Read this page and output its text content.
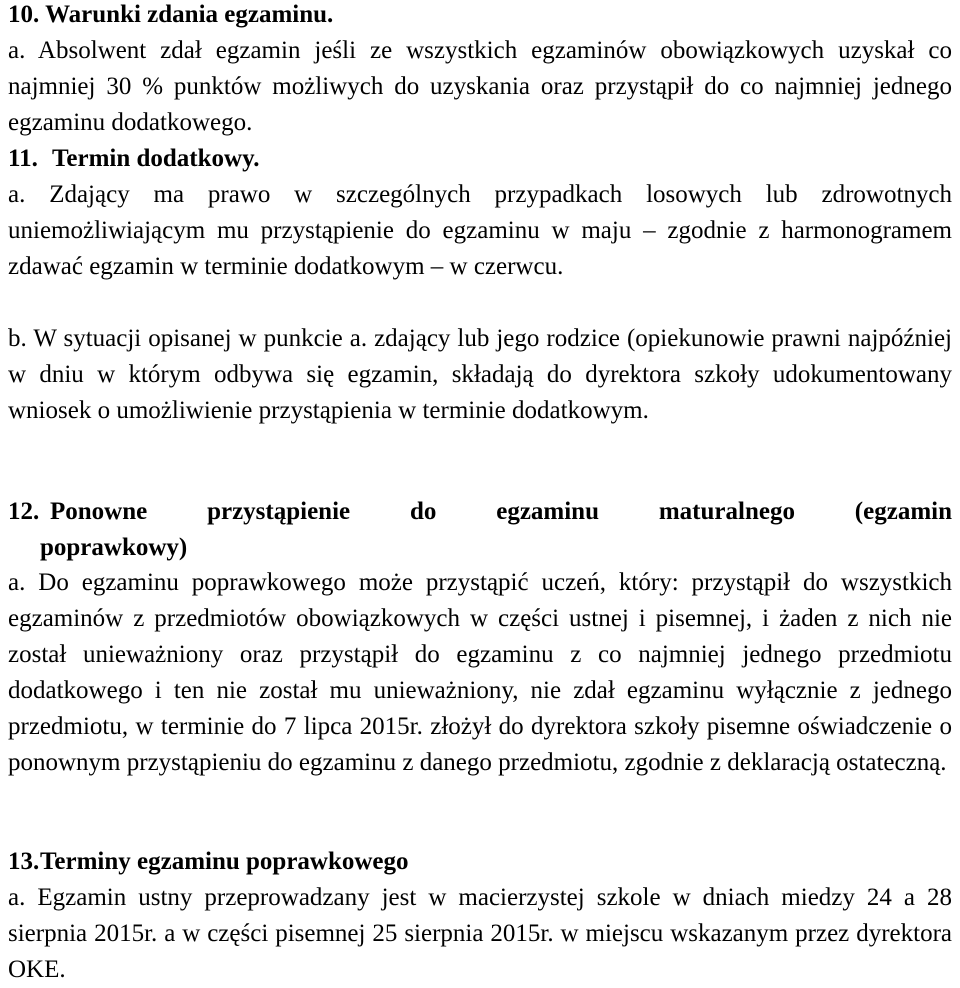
10. Warunki zdania egzaminu.
a. Absolwent zdał egzamin jeśli ze wszystkich egzaminów obowiązkowych uzyskał co najmniej 30 % punktów możliwych do uzyskania oraz przystąpił do co najmniej jednego egzaminu dodatkowego.
11. Termin dodatkowy.
a. Zdający ma prawo w szczególnych przypadkach losowych lub zdrowotnych uniemożliwiającym mu przystąpienie do egzaminu w maju – zgodnie z harmonogramem zdawać egzamin w terminie dodatkowym – w czerwcu.
b. W sytuacji opisanej w punkcie a. zdający lub jego rodzice (opiekunowie prawni najpóźniej w dniu w którym odbywa się egzamin, składają do dyrektora szkoły udokumentowany wniosek o umożliwienie przystąpienia w terminie dodatkowym.
12. Ponowne przystąpienie do egzaminu maturalnego (egzamin
poprawkowy)
a. Do egzaminu poprawkowego może przystąpić uczeń, który: przystąpił do wszystkich egzaminów z przedmiotów obowiązkowych w części ustnej i pisemnej, i żaden z nich nie został unieważniony oraz przystąpił do egzaminu z co najmniej jednego przedmiotu dodatkowego i ten nie został mu unieważniony, nie zdał egzaminu wyłącznie z jednego przedmiotu, w terminie do 7 lipca 2015r. złożył do dyrektora szkoły pisemne oświadczenie o ponownym przystąpieniu do egzaminu z danego przedmiotu, zgodnie z deklaracją ostateczną.
13.Terminy egzaminu poprawkowego
a. Egzamin ustny przeprowadzany jest w macierzystej szkole w dniach miedzy 24 a 28 sierpnia 2015r. a w części pisemnej 25 sierpnia 2015r. w miejscu wskazanym przez dyrektora OKE.
